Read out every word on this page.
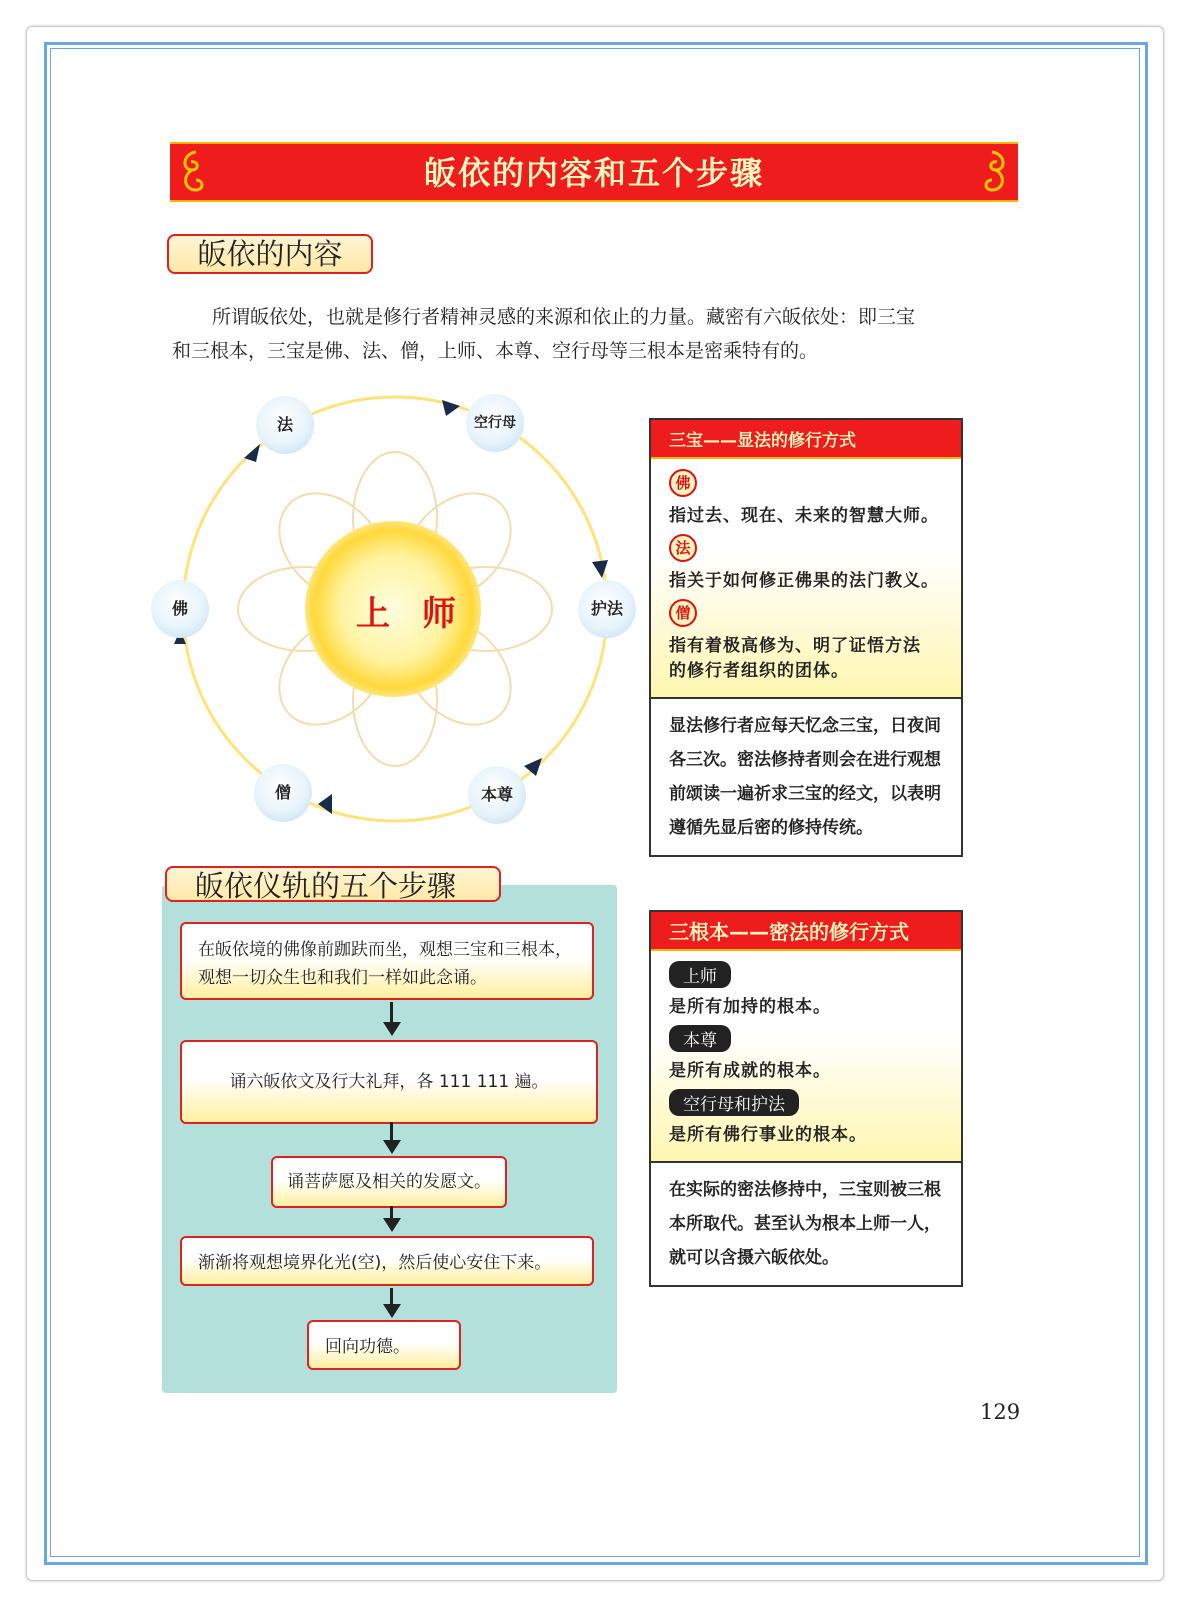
皈依的内容和五个步骤
皈依的内容

所谓皈依处，也就是修行者精神灵感的来源和依止的力量。藏密有六皈依处：即三宝

和三根本，三宝是佛、法、僧，上师、本尊、空行母等三根本是密乘特有的。

法	空行母
护法
本尊
僧
佛	上 师
三宝——显法的修行方式
佛
指过去、现在、未来的智慧大师。
法
指关于如何修正佛果的法门教义。
僧
指有着极高修为、明了证悟方法
的修行者组织的团体。
显法修行者应每天忆念三宝，日夜间
各三次。密法修持者则会在进行观想
前颂读一遍祈求三宝的经文，以表明
遵循先显后密的修持传统。
皈依仪轨的五个步骤
在皈依境的佛像前跏趺而坐，观想三宝和三根本，
观想一切众生也和我们一样如此念诵。
诵六皈依文及行大礼拜，各 111 111 遍。
诵菩萨愿及相关的发愿文。
渐渐将观想境界化光(空)，然后使心安住下来。
回向功德。
三根本——密法的修行方式
上师
是所有加持的根本。
本尊
是所有成就的根本。
空行母和护法
是所有佛行事业的根本。
在实际的密法修持中，三宝则被三根
本所取代。甚至认为根本上师一人，
就可以含摄六皈依处。
129
